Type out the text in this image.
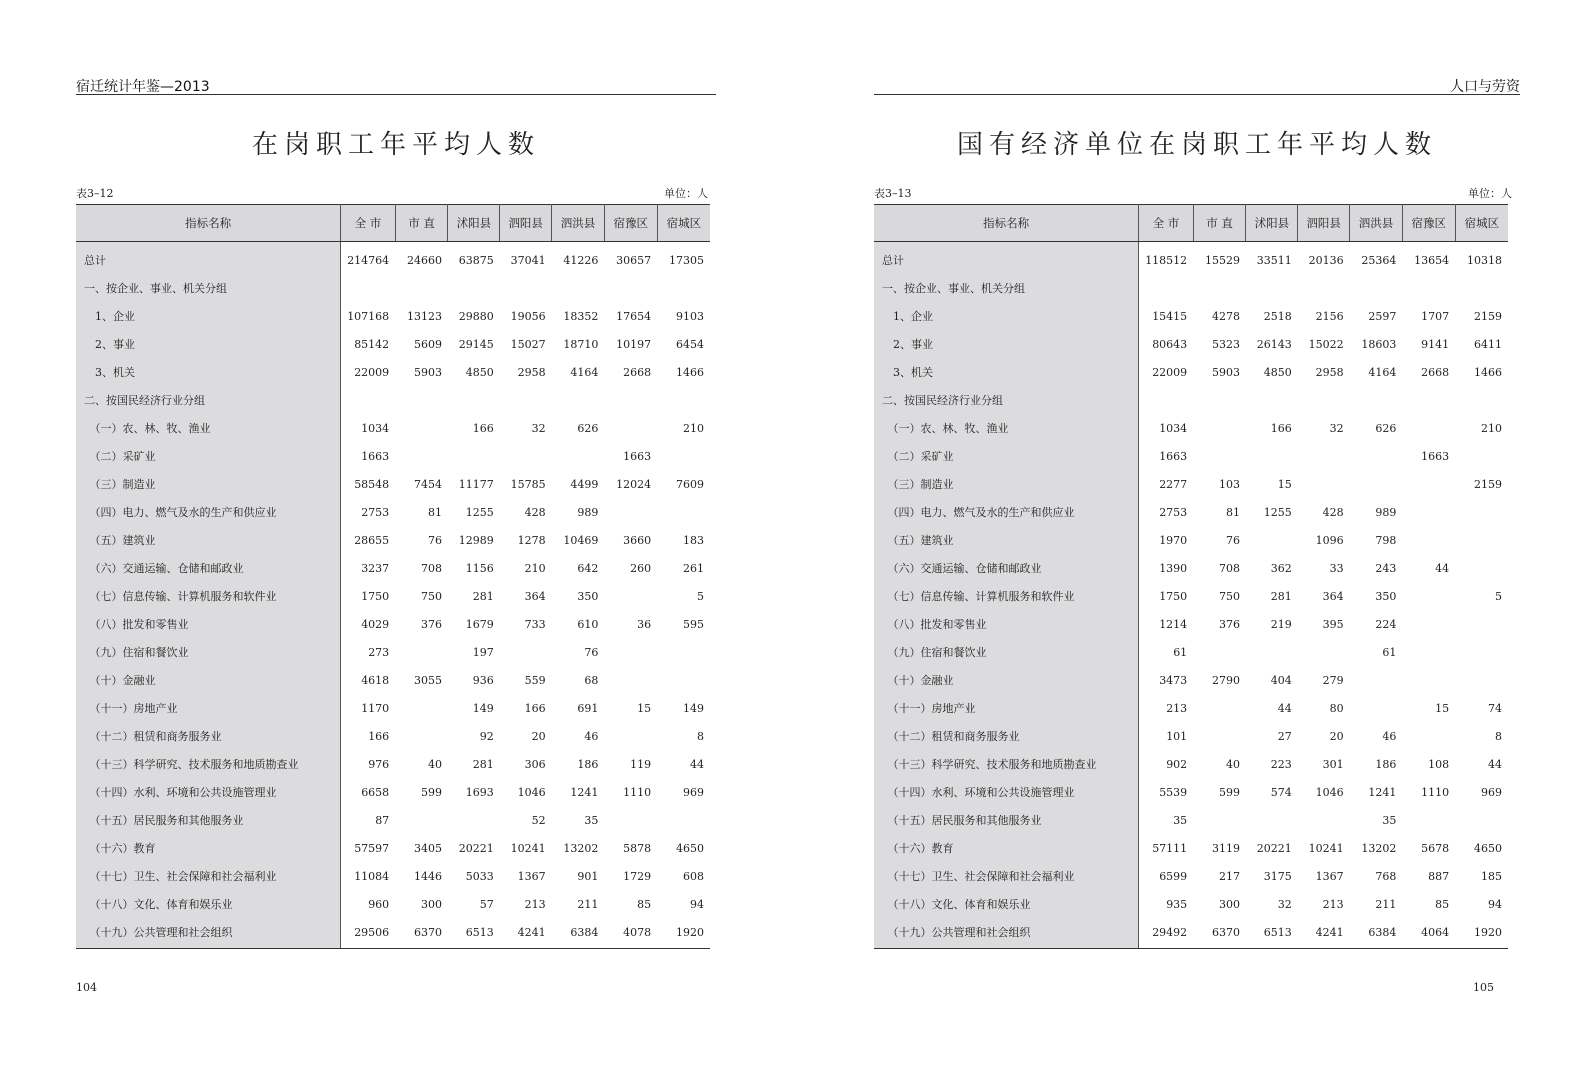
宿迁统计年鉴—2013
在岗职工年平均人数
表3–12	单位：人
指标名称	全 市	市 直	沭阳县	泗阳县	泗洪县	宿豫区	宿城区
总计	214764	24660	63875	37041	41226	30657	17305
一、按企业、事业、机关分组							
　1、企业	107168	13123	29880	19056	18352	17654	9103
　2、事业	85142	5609	29145	15027	18710	10197	6454
　3、机关	22009	5903	4850	2958	4164	2668	1466
二、按国民经济行业分组							
　（一）农、林、牧、渔业	1034		166	32	626		210
　（二）采矿业	1663					1663	
　（三）制造业	58548	7454	11177	15785	4499	12024	7609
　（四）电力、燃气及水的生产和供应业	2753	81	1255	428	989		
　（五）建筑业	28655	76	12989	1278	10469	3660	183
　（六）交通运输、仓储和邮政业	3237	708	1156	210	642	260	261
　（七）信息传输、计算机服务和软件业	1750	750	281	364	350		5
　（八）批发和零售业	4029	376	1679	733	610	36	595
　（九）住宿和餐饮业	273		197		76		
　（十）金融业	4618	3055	936	559	68		
　（十一）房地产业	1170		149	166	691	15	149
　（十二）租赁和商务服务业	166		92	20	46		8
　（十三）科学研究、技术服务和地质勘查业	976	40	281	306	186	119	44
　（十四）水利、环境和公共设施管理业	6658	599	1693	1046	1241	1110	969
　（十五）居民服务和其他服务业	87			52	35		
　（十六）教育	57597	3405	20221	10241	13202	5878	4650
　（十七）卫生、社会保障和社会福利业	11084	1446	5033	1367	901	1729	608
　（十八）文化、体育和娱乐业	960	300	57	213	211	85	94
　（十九）公共管理和社会组织	29506	6370	6513	4241	6384	4078	1920
104
人口与劳资
国有经济单位在岗职工年平均人数
表3–13	单位：人
指标名称	全 市	市 直	沭阳县	泗阳县	泗洪县	宿豫区	宿城区
总计	118512	15529	33511	20136	25364	13654	10318
一、按企业、事业、机关分组							
　1、企业	15415	4278	2518	2156	2597	1707	2159
　2、事业	80643	5323	26143	15022	18603	9141	6411
　3、机关	22009	5903	4850	2958	4164	2668	1466
二、按国民经济行业分组							
　（一）农、林、牧、渔业	1034		166	32	626		210
　（二）采矿业	1663					1663	
　（三）制造业	2277	103	15				2159
　（四）电力、燃气及水的生产和供应业	2753	81	1255	428	989		
　（五）建筑业	1970	76		1096	798		
　（六）交通运输、仓储和邮政业	1390	708	362	33	243	44	
　（七）信息传输、计算机服务和软件业	1750	750	281	364	350		5
　（八）批发和零售业	1214	376	219	395	224		
　（九）住宿和餐饮业	61				61		
　（十）金融业	3473	2790	404	279			
　（十一）房地产业	213		44	80		15	74
　（十二）租赁和商务服务业	101		27	20	46		8
　（十三）科学研究、技术服务和地质勘查业	902	40	223	301	186	108	44
　（十四）水利、环境和公共设施管理业	5539	599	574	1046	1241	1110	969
　（十五）居民服务和其他服务业	35				35		
　（十六）教育	57111	3119	20221	10241	13202	5678	4650
　（十七）卫生、社会保障和社会福利业	6599	217	3175	1367	768	887	185
　（十八）文化、体育和娱乐业	935	300	32	213	211	85	94
　（十九）公共管理和社会组织	29492	6370	6513	4241	6384	4064	1920
105
